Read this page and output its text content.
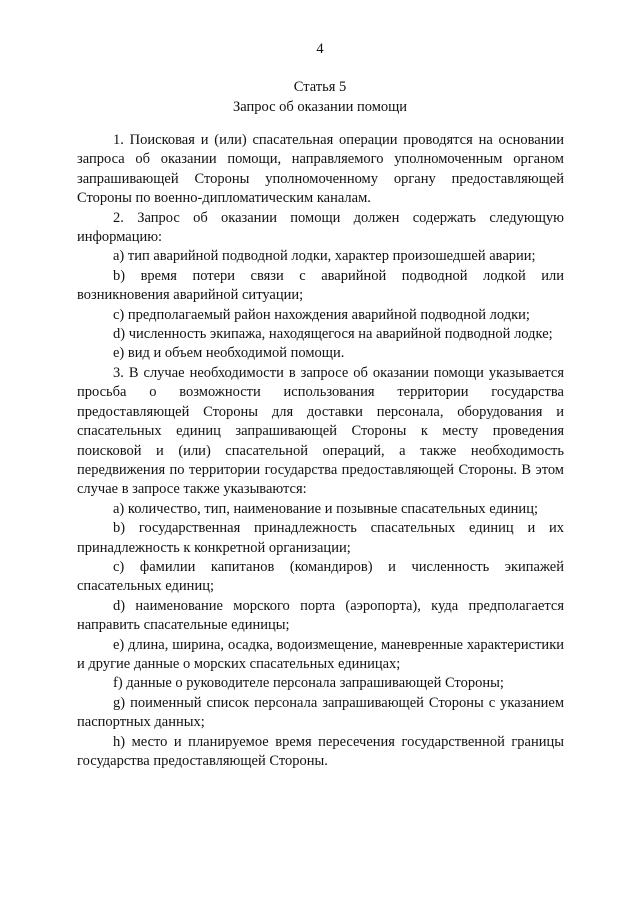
4
Статья 5
Запрос об оказании помощи

1. Поисковая и (или) спасательная операции проводятся на основании запроса об оказании помощи, направляемого уполномоченным органом запрашивающей Стороны уполномоченному органу предоставляющей Стороны по военно-дипломатическим каналам.

2. Запрос об оказании помощи должен содержать следующую информацию:

a) тип аварийной подводной лодки, характер произошедшей аварии;

b) время потери связи с аварийной подводной лодкой или возникновения аварийной ситуации;

c) предполагаемый район нахождения аварийной подводной лодки;

d) численность экипажа, находящегося на аварийной подводной лодке;

e) вид и объем необходимой помощи.

3. В случае необходимости в запросе об оказании помощи указывается просьба о возможности использования территории государства предоставляющей Стороны для доставки персонала, оборудования и спасательных единиц запрашивающей Стороны к месту проведения поисковой и (или) спасательной операций, а также необходимость передвижения по территории государства предоставляющей Стороны. В этом случае в запросе также указываются:

a) количество, тип, наименование и позывные спасательных единиц;

b) государственная принадлежность спасательных единиц и их принадлежность к конкретной организации;

c) фамилии капитанов (командиров) и численность экипажей спасательных единиц;

d) наименование морского порта (аэропорта), куда предполагается направить спасательные единицы;

e) длина, ширина, осадка, водоизмещение, маневренные характеристики и другие данные о морских спасательных единицах;

f) данные о руководителе персонала запрашивающей Стороны;

g) поименный список персонала запрашивающей Стороны с указанием паспортных данных;

h) место и планируемое время пересечения государственной границы государства предоставляющей Стороны.
